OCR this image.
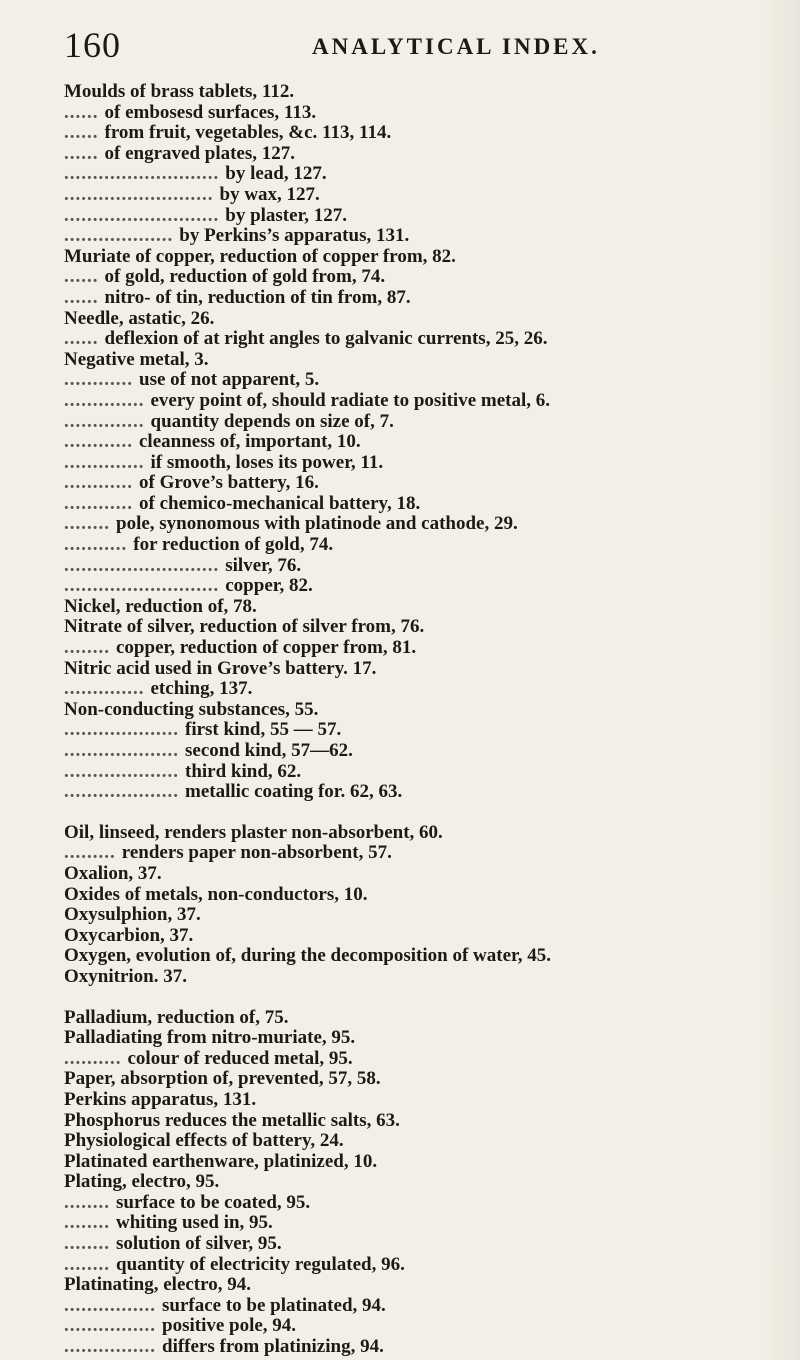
160	ANALYTICAL INDEX.
Moulds of brass tablets, 112.
...... of embosesd surfaces, 113.
...... from fruit, vegetables, &c. 113, 114.
...... of engraved plates, 127.
........................... by lead, 127.
.......................... by wax, 127.
........................... by plaster, 127.
................... by Perkins’s apparatus, 131.
Muriate of copper, reduction of copper from, 82.
...... of gold, reduction of gold from, 74.
...... nitro- of tin, reduction of tin from, 87.
Needle, astatic, 26.
...... deflexion of at right angles to galvanic currents, 25, 26.
Negative metal, 3.
............ use of not apparent, 5.
.............. every point of, should radiate to positive metal, 6.
.............. quantity depends on size of, 7.
............ cleanness of, important, 10.
.............. if smooth, loses its power, 11.
............ of Grove’s battery, 16.
............ of chemico-mechanical battery, 18.
........ pole, synonomous with platinode and cathode, 29.
........... for reduction of gold, 74.
........................... silver, 76.
........................... copper, 82.
Nickel, reduction of, 78.
Nitrate of silver, reduction of silver from, 76.
........ copper, reduction of copper from, 81.
Nitric acid used in Grove’s battery. 17.
.............. etching, 137.
Non-conducting substances, 55.
.................... first kind, 55 — 57.
.................... second kind, 57—62.
.................... third kind, 62.
.................... metallic coating for. 62, 63.
Oil, linseed, renders plaster non-absorbent, 60.
......... renders paper non-absorbent, 57.
Oxalion, 37.
Oxides of metals, non-conductors, 10.
Oxysulphion, 37.
Oxycarbion, 37.
Oxygen, evolution of, during the decomposition of water, 45.
Oxynitrion. 37.
Palladium, reduction of, 75.
Palladiating from nitro-muriate, 95.
.......... colour of reduced metal, 95.
Paper, absorption of, prevented, 57, 58.
Perkins apparatus, 131.
Phosphorus reduces the metallic salts, 63.
Physiological effects of battery, 24.
Platinated earthenware, platinized, 10.
Plating, electro, 95.
........ surface to be coated, 95.
........ whiting used in, 95.
........ solution of silver, 95.
........ quantity of electricity regulated, 96.
Platinating, electro, 94.
................ surface to be platinated, 94.
................ positive pole, 94.
................ differs from platinizing, 94.
